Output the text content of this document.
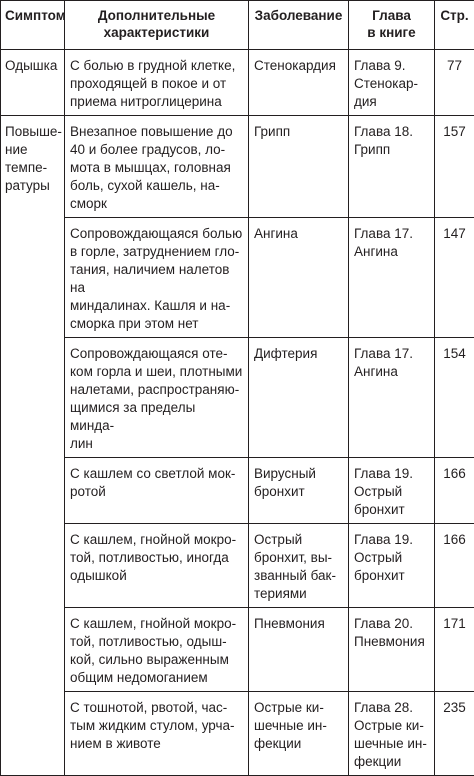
Симптом	Дополнительные
характеристики	Заболевание	Глава
в книге	Стр.

Одышка	С болью в грудной клетке,
проходящей в покое и от
приема нитроглицерина	Стенокардия	Глава 9.
Стенокар-
дия	77

Повыше-
ние
темпе-
ратуры	Внезапное повышение до
40 и более градусов, ло-
мота в мышцах, головная
боль, сухой кашель, на-
сморк	Грипп	Глава 18.
Грипп	157

	Сопровождающаяся болью
в горле, затруднением гло-
тания, наличием налетов на
миндалинах. Кашля и на-
сморка при этом нет	Ангина	Глава 17.
Ангина	147

	Сопровождающаяся оте-
ком горла и шеи, плотными
налетами, распространяю-
щимися за пределы минда-
лин	Дифтерия	Глава 17.
Ангина	154

	С кашлем со светлой мок-
ротой	Вирусный
бронхит	Глава 19.
Острый
бронхит	166

	С кашлем, гнойной мокро-
той, потливостью, иногда
одышкой	Острый
бронхит, вы-
званный бак-
териями	Глава 19.
Острый
бронхит	166

	С кашлем, гнойной мокро-
той, потливостью, одыш-
кой, сильно выраженным
общим недомоганием	Пневмония	Глава 20.
Пневмония	171

	С тошнотой, рвотой, час-
тым жидким стулом, урча-
нием в животе	Острые ки-
шечные ин-
фекции	Глава 28.
Острые ки-
шечные ин-
фекции	235
